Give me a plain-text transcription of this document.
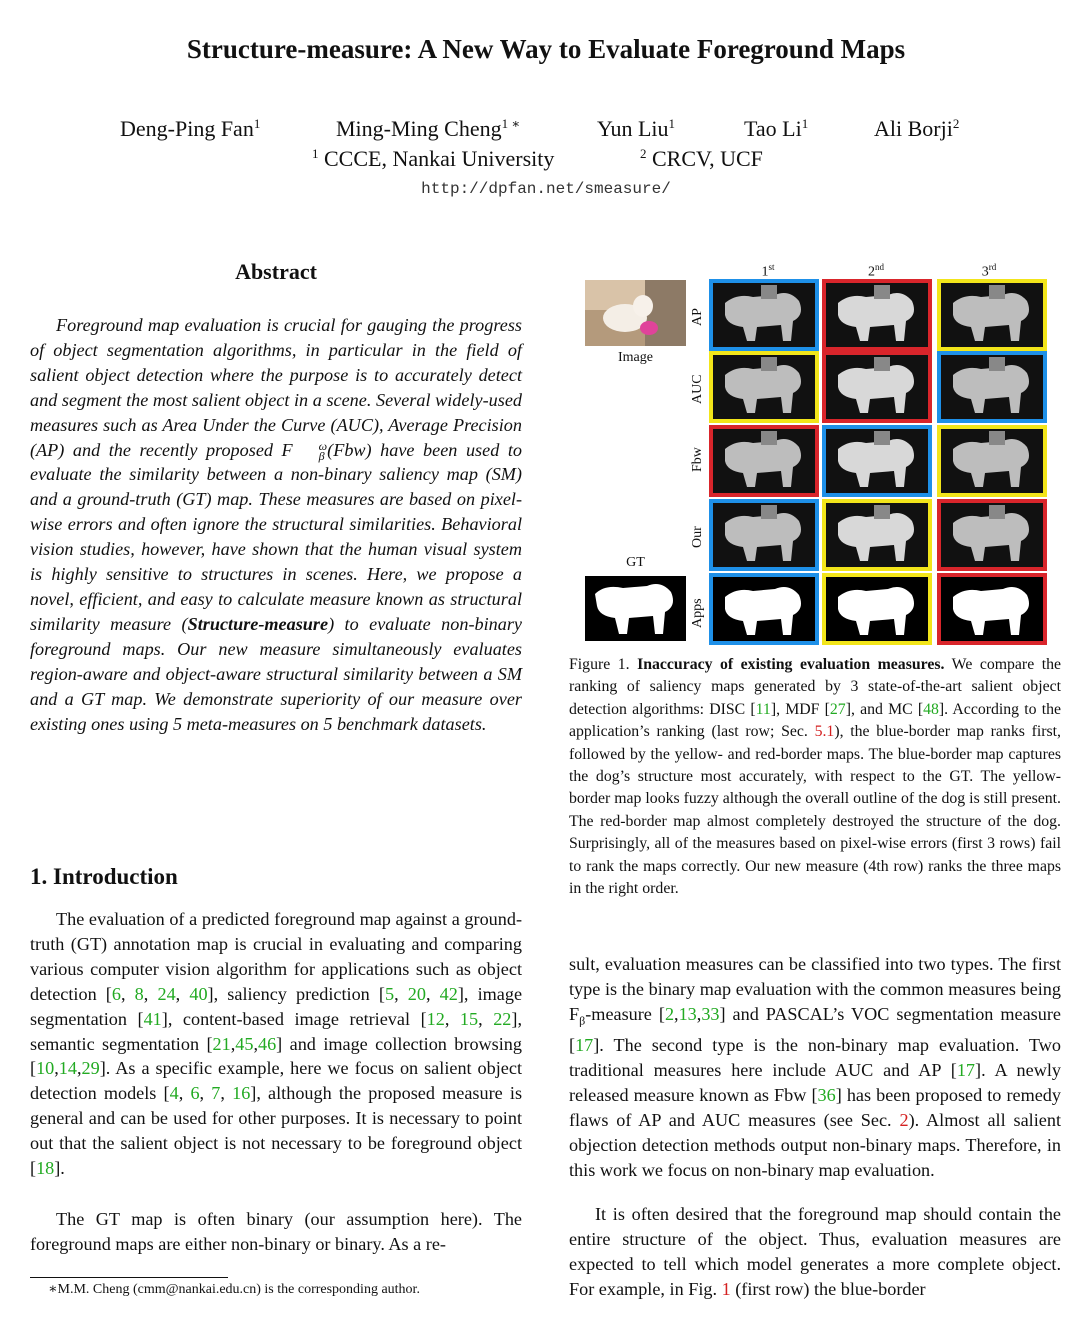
Structure-measure: A New Way to Evaluate Foreground Maps
Deng-Ping Fan$^1$	Ming-Ming Cheng$^{1 ∗}$	Yun Liu$^1$	Tao Li$^1$	Ali Borji$^2$
$^1$ CCCE, Nankai University	$^2$ CRCV, UCF
http://dpfan.net/smeasure/
Abstract
Foreground map evaluation is crucial for gauging the progress of object segmentation algorithms, in particular in the field of salient object detection where the purpose is to accurately detect and segment the most salient object in a scene. Several widely-used measures such as Area Under the Curve (AUC), Average Precision (AP) and the recently proposed F	ω
β (Fbw) have been used to evaluate the similarity between a non-binary saliency map (SM) and a ground-truth (GT) map. These measures are based on pixel-wise errors and often ignore the structural similarities. Behavioral vision studies, however, have shown that the human visual system is highly sensitive to structures in scenes. Here, we propose a novel, efficient, and easy to calculate measure known as structural similarity measure (Structure-measure) to evaluate non-binary foreground maps. Our new measure simultaneously evaluates region-aware and object-aware structural similarity between a SM and a GT map. We demonstrate superiority of our measure over existing ones using 5 meta-measures on 5 benchmark datasets.
1. Introduction
The evaluation of a predicted foreground map against a ground-truth (GT) annotation map is crucial in evaluating and comparing various computer vision algorithm for applications such as object detection [6, 8, 24, 40], saliency prediction [5, 20, 42], image segmentation [41], content-based image retrieval [12, 15, 22], semantic segmentation [21,45,46] and image collection browsing [10,14,29]. As a specific example, here we focus on salient object detection models [4, 6, 7, 16], although the proposed measure is general and can be used for other purposes. It is necessary to point out that the salient object is not necessary to be foreground object [18].
The GT map is often binary (our assumption here). The foreground maps are either non-binary or binary. As a re-
∗M.M. Cheng (cmm@nankai.edu.cn) is the corresponding author.
Image
GT
1st	2nd	3rd
AP
AUC
Fbw
Our
Apps
Figure 1. Inaccuracy of existing evaluation measures. We compare the ranking of saliency maps generated by 3 state-of-the-art salient object detection algorithms: DISC [11], MDF [27], and MC [48]. According to the application’s ranking (last row; Sec. 5.1), the blue-border map ranks first, followed by the yellow- and red-border maps. The blue-border map captures the dog’s structure most accurately, with respect to the GT. The yellow-border map looks fuzzy although the overall outline of the dog is still present. The red-border map almost completely destroyed the structure of the dog. Surprisingly, all of the measures based on pixel-wise errors (first 3 rows) fail to rank the maps correctly. Our new measure (4th row) ranks the three maps in the right order.
sult, evaluation measures can be classified into two types. The first type is the binary map evaluation with the common measures being $F_\beta$-measure [2,13,33] and PASCAL’s VOC segmentation measure [17]. The second type is the non-binary map evaluation. Two traditional measures here include AUC and AP [17]. A newly released measure known as Fbw [36] has been proposed to remedy flaws of AP and AUC measures (see Sec. 2). Almost all salient objection detection methods output non-binary maps. Therefore, in this work we focus on non-binary map evaluation.
It is often desired that the foreground map should contain the entire structure of the object. Thus, evaluation measures are expected to tell which model generates a more complete object. For example, in Fig. 1 (first row) the blue-border
